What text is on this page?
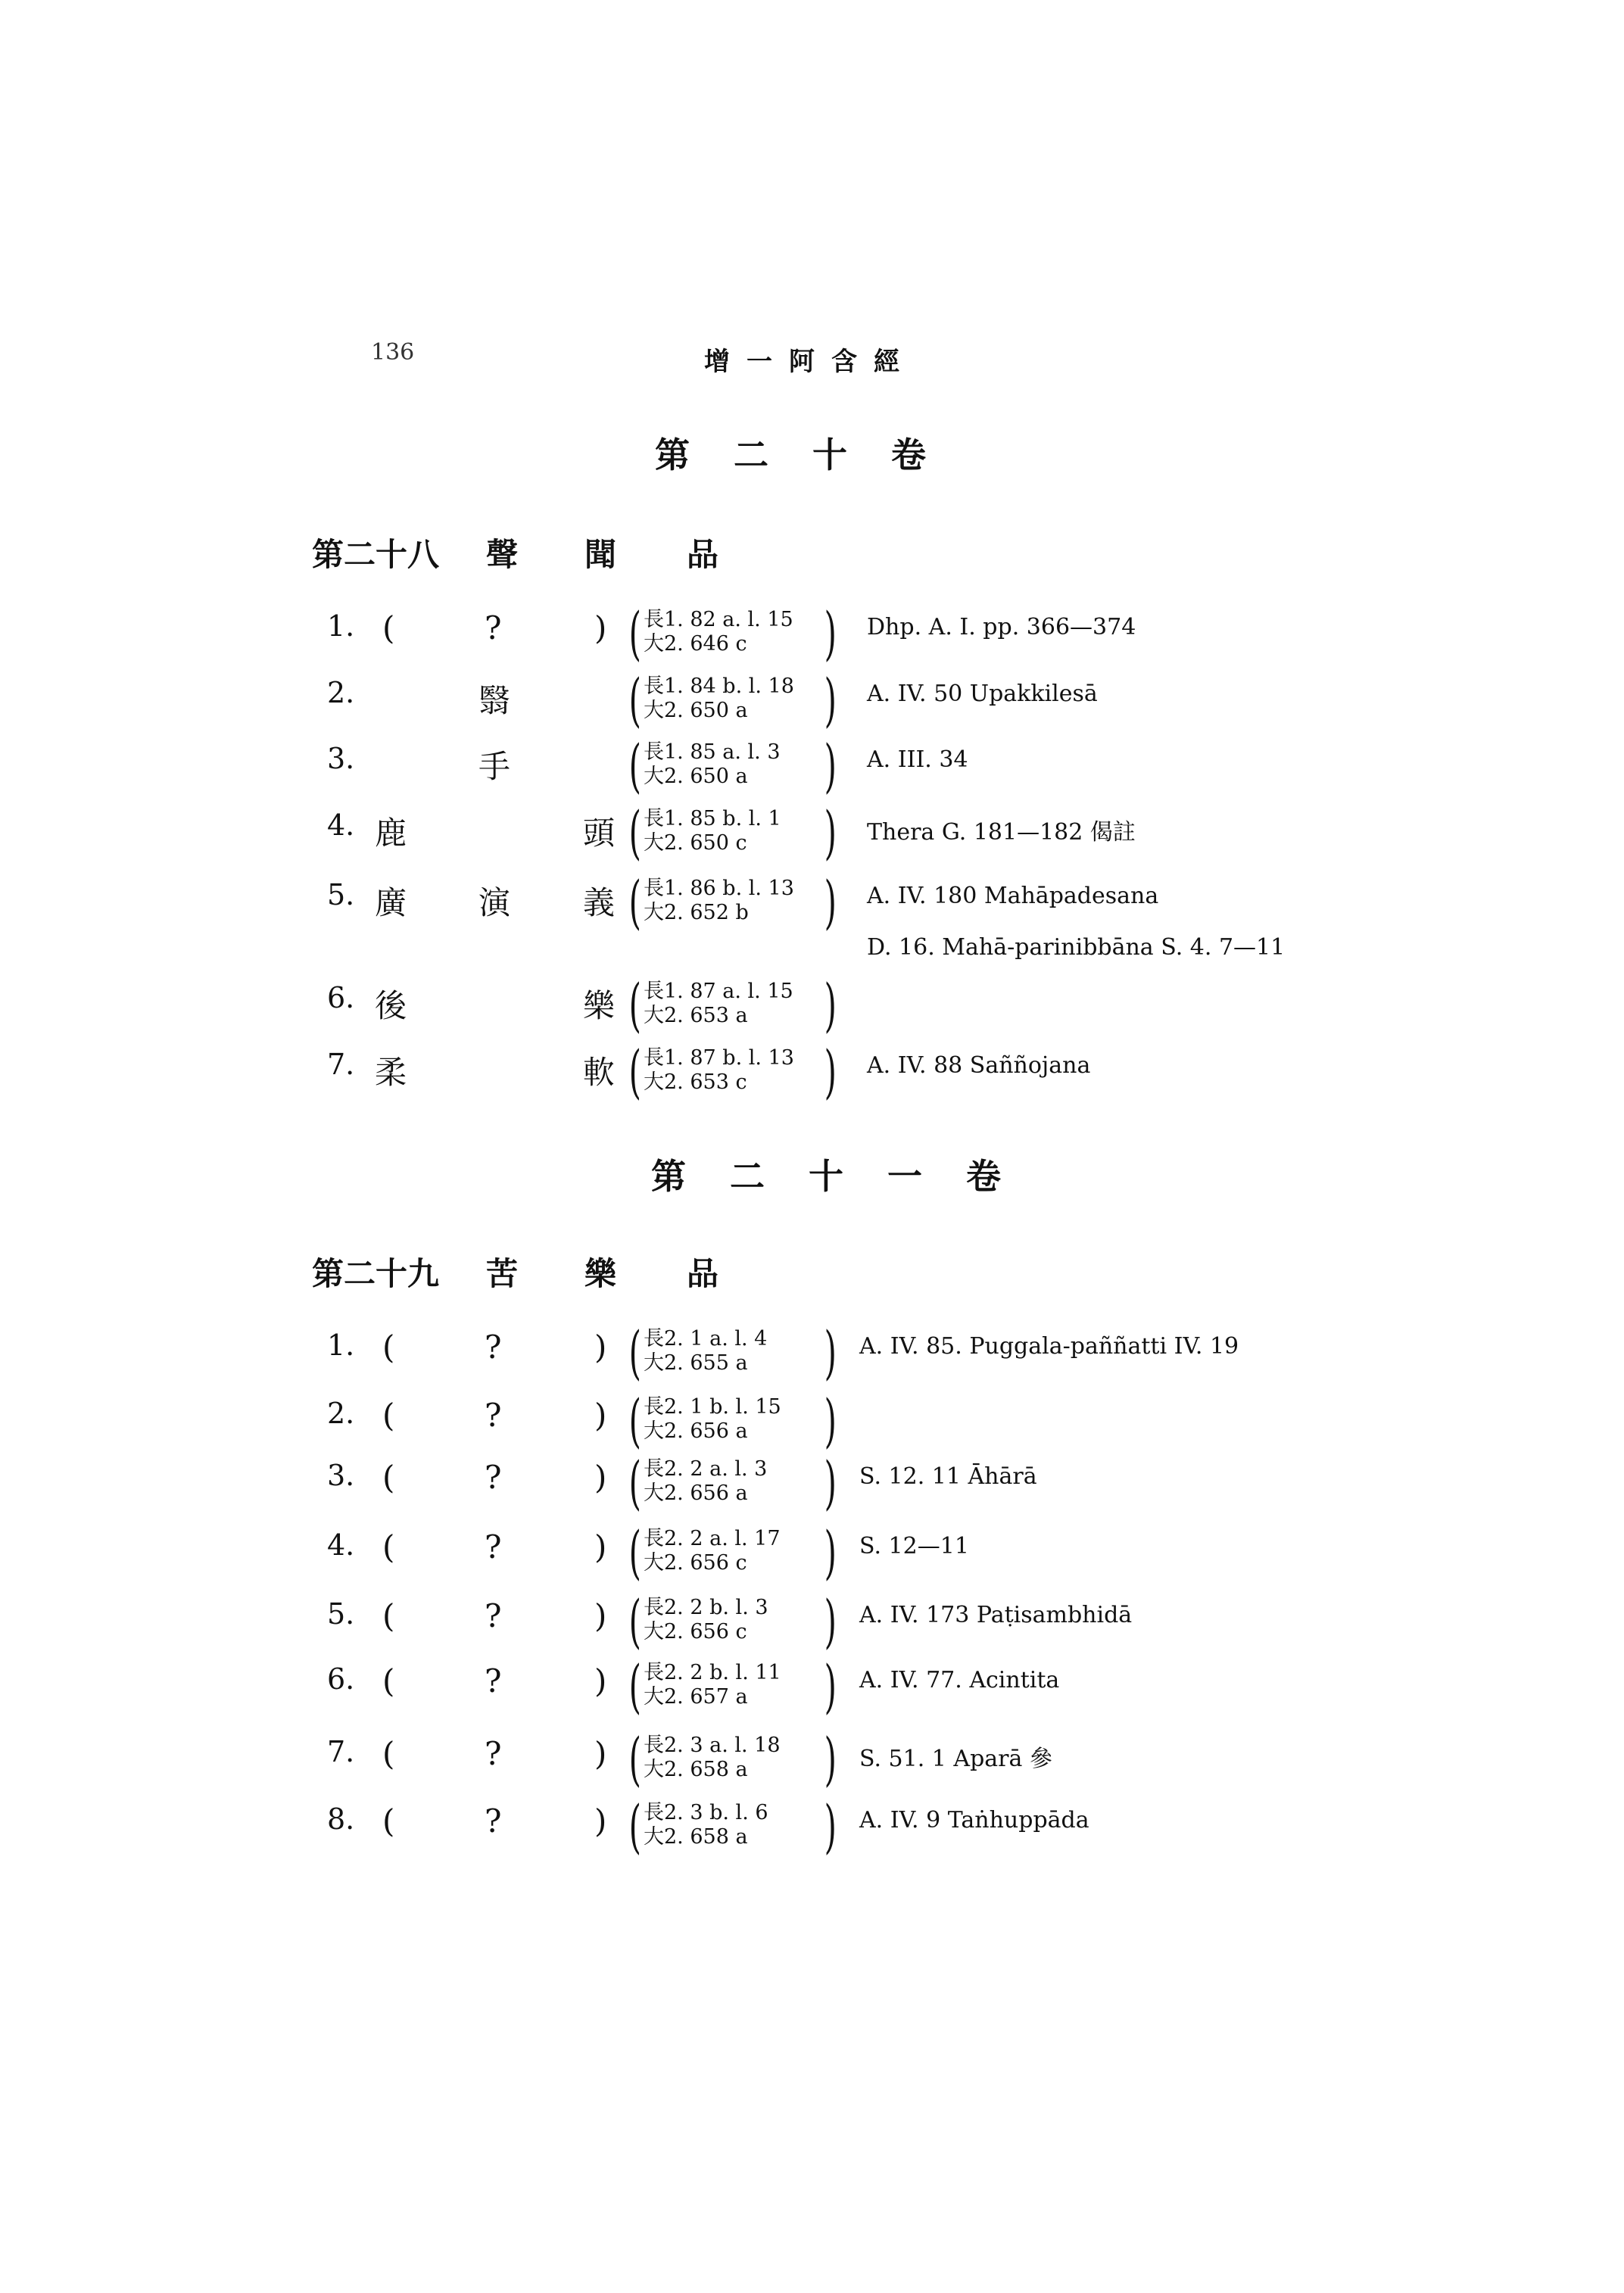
136	增一阿含經
第二十卷
第二十八 聲 聞 品
1. (	?	) ( 長1. 82 a. l. 15
大2. 646 c ) Dhp. A. I. pp. 366—374
2.	翳 ( 長1. 84 b. l. 18
大2. 650 a ) A. IV. 50 Upakkilesā
3.	手 ( 長1. 85 a. l. 3
大2. 650 a ) A. III. 34
4. 鹿	頭 ( 長1. 85 b. l. 1
大2. 650 c ) Thera G. 181—182 偈註
5. 廣 演 義 ( 長1. 86 b. l. 13
大2. 652 b ) A. IV. 180 Mahāpadesana
D. 16. Mahā-parinibbāna S. 4. 7—11
6. 後	樂 ( 長1. 87 a. l. 15
大2. 653 a )
7. 柔	軟 ( 長1. 87 b. l. 13
大2. 653 c ) A. IV. 88 Saññojana
第二十一卷
第二十九 苦 樂 品
1. (	?	) ( 長2. 1 a. l. 4
大2. 655 a ) A. IV. 85. Puggala-paññatti IV. 19
2. (	?	) ( 長2. 1 b. l. 15
大2. 656 a )
3. (	?	) ( 長2. 2 a. l. 3
大2. 656 a ) S. 12. 11 Āhārā
4. (	?	) ( 長2. 2 a. l. 17
大2. 656 c ) S. 12—11
5. (	?	) ( 長2. 2 b. l. 3
大2. 656 c ) A. IV. 173 Paṭisambhidā
6. (	?	) ( 長2. 2 b. l. 11
大2. 657 a ) A. IV. 77. Acintita
7. (	?	) ( 長2. 3 a. l. 18
大2. 658 a ) S. 51. 1 Aparā 參
8. (	?	) ( 長2. 3 b. l. 6
大2. 658 a ) A. IV. 9 Taṅhuppāda
